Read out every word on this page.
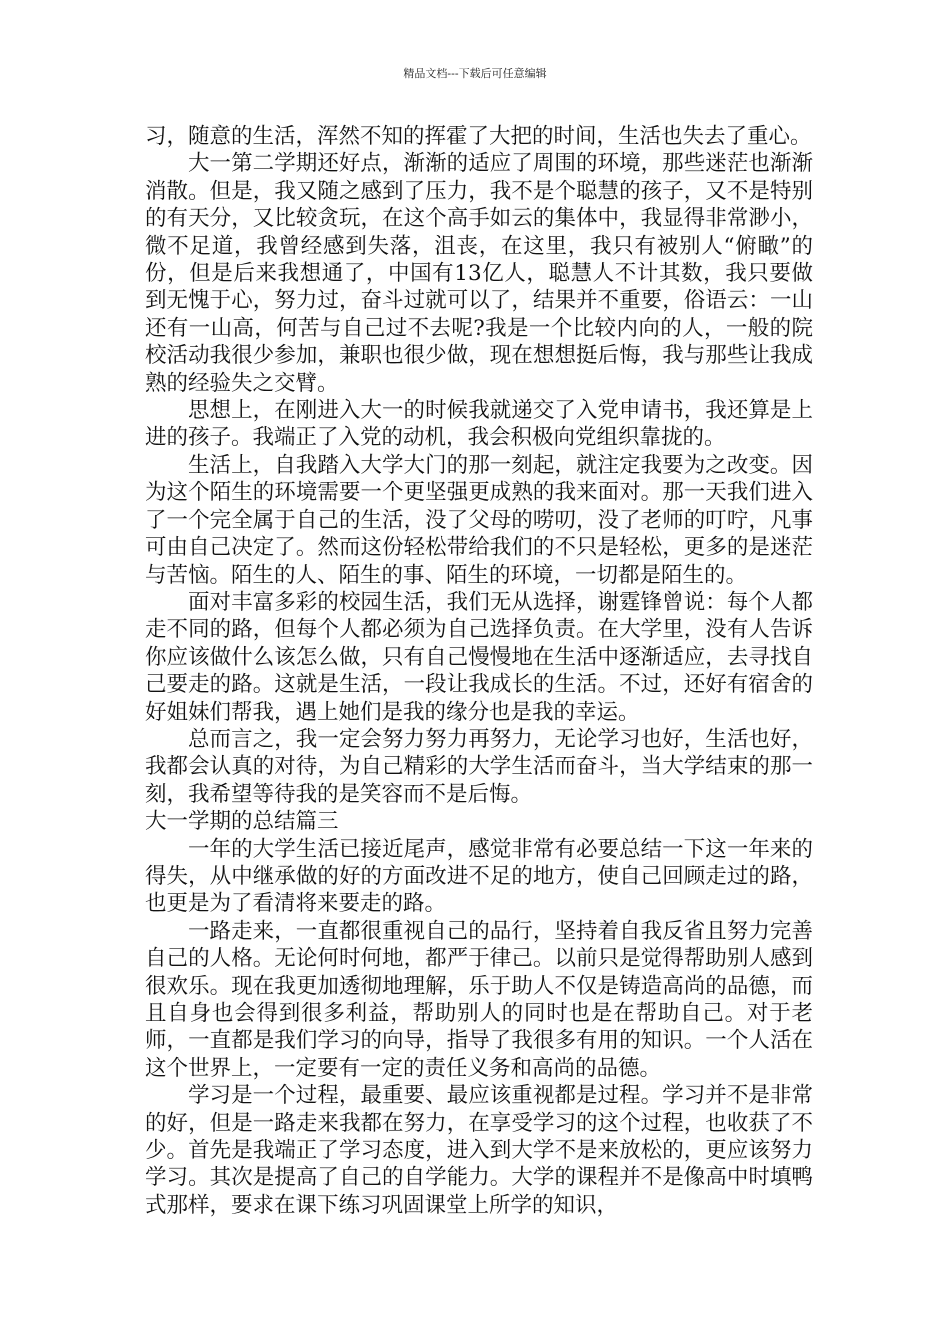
精品文档---下载后可任意编辑

习，随意的生活，浑然不知的挥霍了大把的时间，生活也失去了重心。

大一第二学期还好点，渐渐的适应了周围的环境，那些迷茫也渐渐消散。但是，我又随之感到了压力，我不是个聪慧的孩子，又不是特别的有天分，又比较贪玩，在这个高手如云的集体中，我显得非常渺小，微不足道，我曾经感到失落，沮丧，在这里，我只有被别人“俯瞰”的份，但是后来我想通了，中国有13亿人，聪慧人不计其数，我只要做到无愧于心，努力过，奋斗过就可以了，结果并不重要，俗语云：一山还有一山高，何苦与自己过不去呢?我是一个比较内向的人，一般的院校活动我很少参加，兼职也很少做，现在想想挺后悔，我与那些让我成熟的经验失之交臂。

思想上，在刚进入大一的时候我就递交了入党申请书，我还算是上进的孩子。我端正了入党的动机，我会积极向党组织靠拢的。

生活上，自我踏入大学大门的那一刻起，就注定我要为之改变。因为这个陌生的环境需要一个更坚强更成熟的我来面对。那一天我们进入了一个完全属于自己的生活，没了父母的唠叨，没了老师的叮咛，凡事可由自己决定了。然而这份轻松带给我们的不只是轻松，更多的是迷茫与苦恼。陌生的人、陌生的事、陌生的环境，一切都是陌生的。

面对丰富多彩的校园生活，我们无从选择，谢霆锋曾说：每个人都走不同的路，但每个人都必须为自己选择负责。在大学里，没有人告诉你应该做什么该怎么做，只有自己慢慢地在生活中逐渐适应，去寻找自己要走的路。这就是生活，一段让我成长的生活。不过，还好有宿舍的好姐妹们帮我，遇上她们是我的缘分也是我的幸运。

总而言之，我一定会努力努力再努力，无论学习也好，生活也好，我都会认真的对待，为自己精彩的大学生活而奋斗，当大学结束的那一刻，我希望等待我的是笑容而不是后悔。

大一学期的总结篇三

一年的大学生活已接近尾声，感觉非常有必要总结一下这一年来的得失，从中继承做的好的方面改进不足的地方，使自己回顾走过的路，也更是为了看清将来要走的路。

一路走来，一直都很重视自己的品行，坚持着自我反省且努力完善自己的人格。无论何时何地，都严于律己。以前只是觉得帮助别人感到很欢乐。现在我更加透彻地理解，乐于助人不仅是铸造高尚的品德，而且自身也会得到很多利益，帮助别人的同时也是在帮助自己。对于老师，一直都是我们学习的向导，指导了我很多有用的知识。一个人活在这个世界上，一定要有一定的责任义务和高尚的品德。

学习是一个过程，最重要、最应该重视都是过程。学习并不是非常的好，但是一路走来我都在努力，在享受学习的这个过程，也收获了不少。首先是我端正了学习态度，进入到大学不是来放松的，更应该努力学习。其次是提高了自己的自学能力。大学的课程并不是像高中时填鸭式那样，要求在课下练习巩固课堂上所学的知识，
